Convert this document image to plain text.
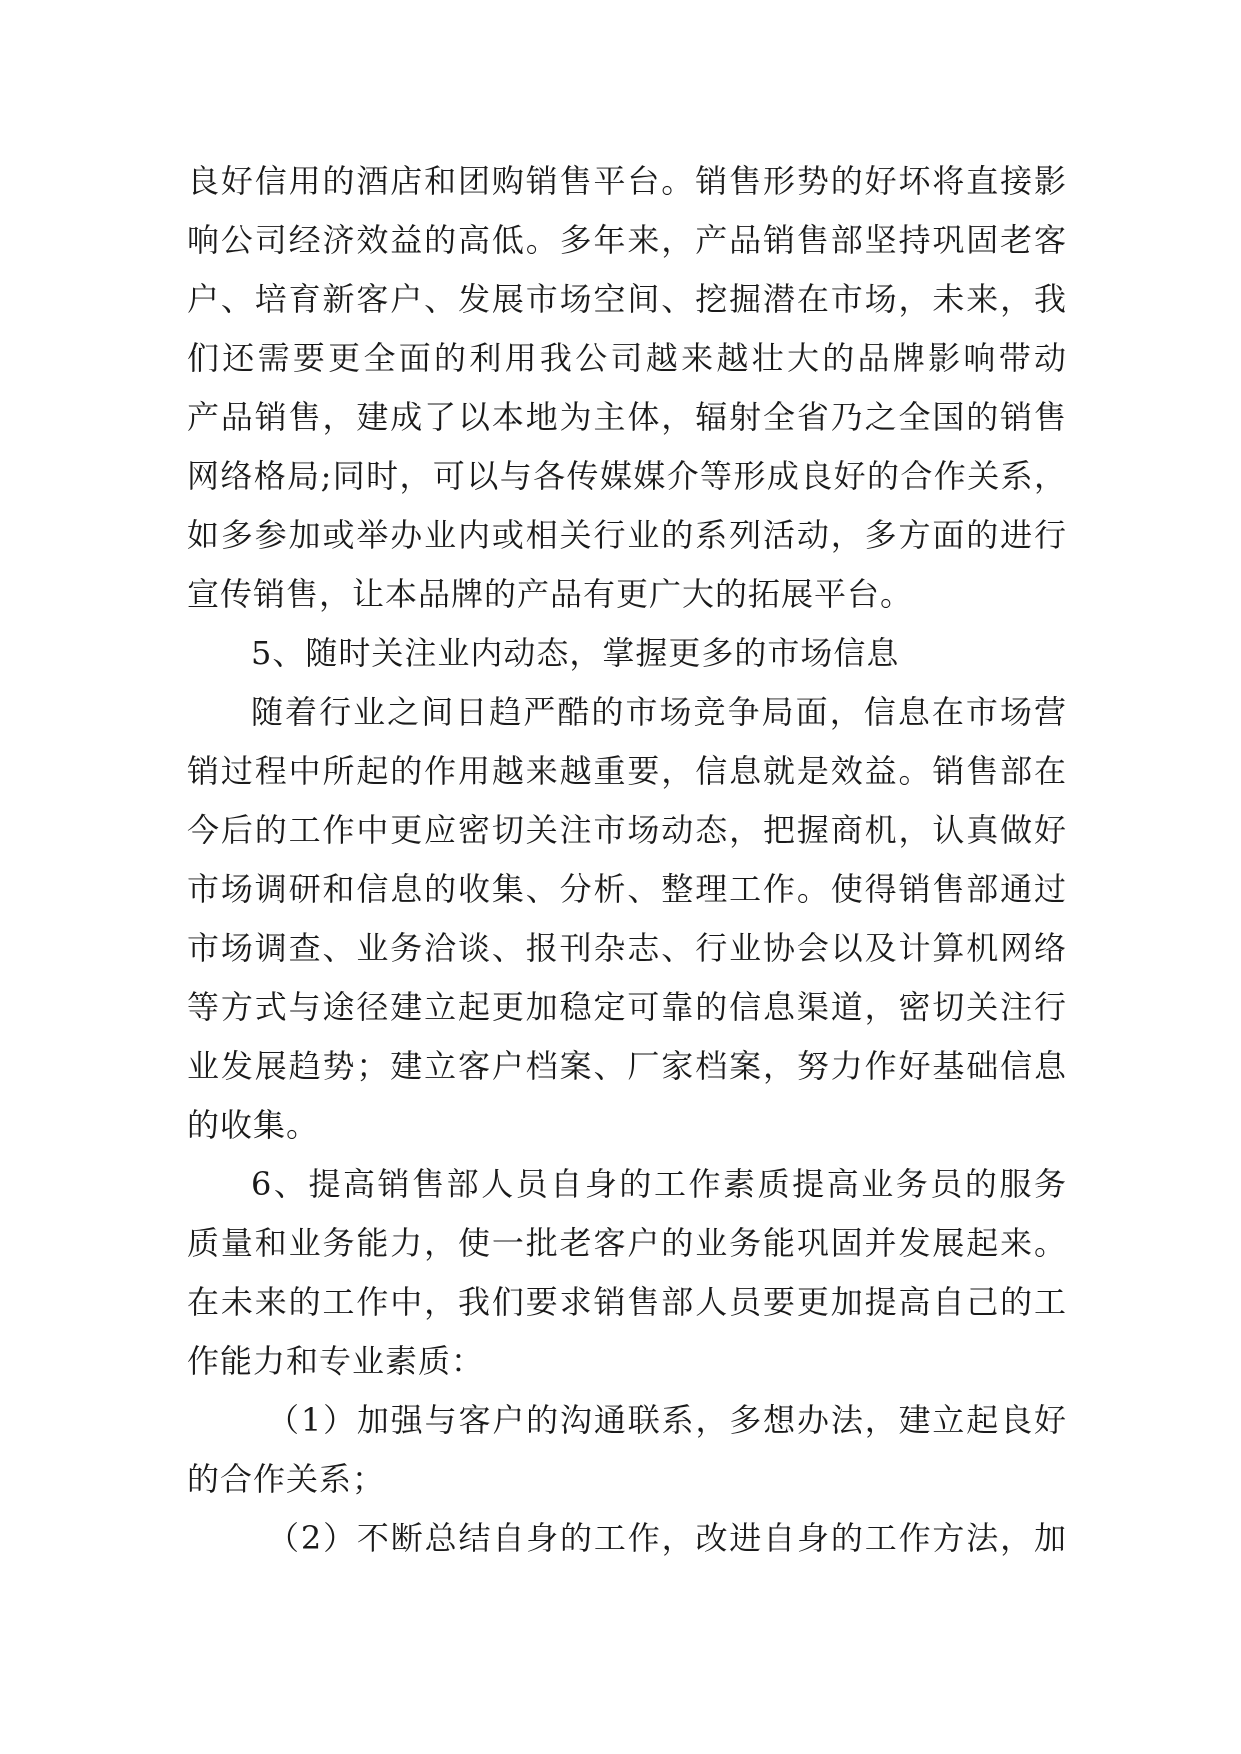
良好信用的酒店和团购销售平台。销售形势的好坏将直接影
响公司经济效益的高低。多年来，产品销售部坚持巩固老客
户、培育新客户、发展市场空间、挖掘潜在市场，未来，我
们还需要更全面的利用我公司越来越壮大的品牌影响带动
产品销售，建成了以本地为主体，辐射全省乃之全国的销售
网络格局;同时，可以与各传媒媒介等形成良好的合作关系，
如多参加或举办业内或相关行业的系列活动，多方面的进行
宣传销售，让本品牌的产品有更广大的拓展平台。
5、随时关注业内动态，掌握更多的市场信息
随着行业之间日趋严酷的市场竞争局面，信息在市场营
销过程中所起的作用越来越重要，信息就是效益。销售部在
今后的工作中更应密切关注市场动态，把握商机，认真做好
市场调研和信息的收集、分析、整理工作。使得销售部通过
市场调查、业务洽谈、报刊杂志、行业协会以及计算机网络
等方式与途径建立起更加稳定可靠的信息渠道，密切关注行
业发展趋势；建立客户档案、厂家档案，努力作好基础信息
的收集。
6、提高销售部人员自身的工作素质提高业务员的服务
质量和业务能力，使一批老客户的业务能巩固并发展起来。
在未来的工作中，我们要求销售部人员要更加提高自己的工
作能力和专业素质：
（1）加强与客户的沟通联系，多想办法，建立起良好
的合作关系；
（2）不断总结自身的工作，改进自身的工作方法，加
